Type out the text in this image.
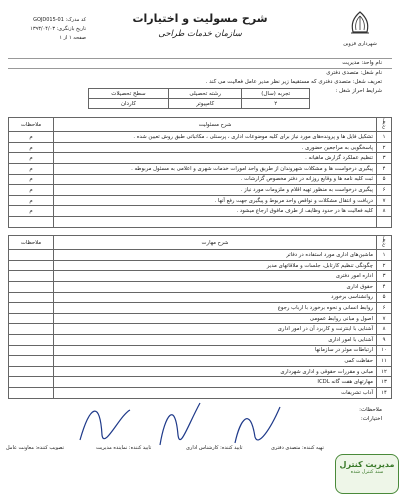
کد مدرک: GOJD015-01
تاریخ بازنگری: ۱۳۹۳/۰۴/۰۳
صفحه ۱ از ۱
شرح مسولیت و اختیارات
سازمان خدمات طراحی
شهرداری قزوین
نام واحد: مدیریت
نام شغل: متصدی دفتری
تعریف شغل: متصدی دفتری که مستقیما زیر نظر مدیر عامل فعالیت می کند .
شرایط احراز شغل :
سطح تحصیلات	رشته تحصیلی	تجربه (سال)
کاردان	کامپیوتر	۲
ملاحظات	شرح مسئولیت	ردیف
م	تشکیل فایل ها و پرونده‌های مورد نیاز برای کلیه موضوعات اداری ، پرسنلی ، مکاتباتی طبق روش تعیین شده .	۱
م	پاسخگویی به مراجعین حضوری .	۲
م	تنظیم عملکرد گزارش ماهیانه .	۳
م	پیگیری درخواست ها و مشکلات شهروندان از طریق واحد امورات خدمات شهری و اعلامی به مسئول مربوطه .	۴
م	ثبت کلیه نامه ها و وقایع روزانه در دفتر مخصوص گزارشات .	۵
م	پیگیری درخواست به منظور تهیه اقلام و ملزومات مورد نیاز .	۶
م	دریافت و انتقال مشکلات و نواقص واحد مربوط و پیگیری جهت رفع آنها .	۷
م	کلیه فعالیت ها در حدود وظایف از طرف مافوق ارجاع میشود .	۸

ملاحظات	شرح مهارت	ردیف
	ماشین‌های اداری مورد استفاده در دفاتر	۱
	چگونگی تنظیم کارتابل، جلسات و ملاقاتهای مدیر	۲
	اداره امور دفتری	۳
	حقوق اداری	۴
	روانشناسی برخورد	۵
	روابط انسانی و نحوه برخورد با ارباب رجوع	۶
	اصول و مبانی روابط عمومی	۷
	آشنایی با اینترنت و کاربرد آن در امور اداری	۸
	آشنایی با امور اداری	۹
	ارتباطات موثر در سازمانها	۱۰
	حفاظت کمی	۱۱
	مبانی و مقررات حقوقی و اداری شهرداری	۱۲
	مهارتهای هفت گانه ICDL	۱۳
	آداب تشریفات	۱۴
ملاحظات:
اختیارات:
تصویب کننده: معاونت عامل	تایید کننده: نماینده مدیریت	تایید کننده: کارشناس اداری	تهیه کننده: متصدی دفتری
مدیریت کنترل
سند کنترل شده
